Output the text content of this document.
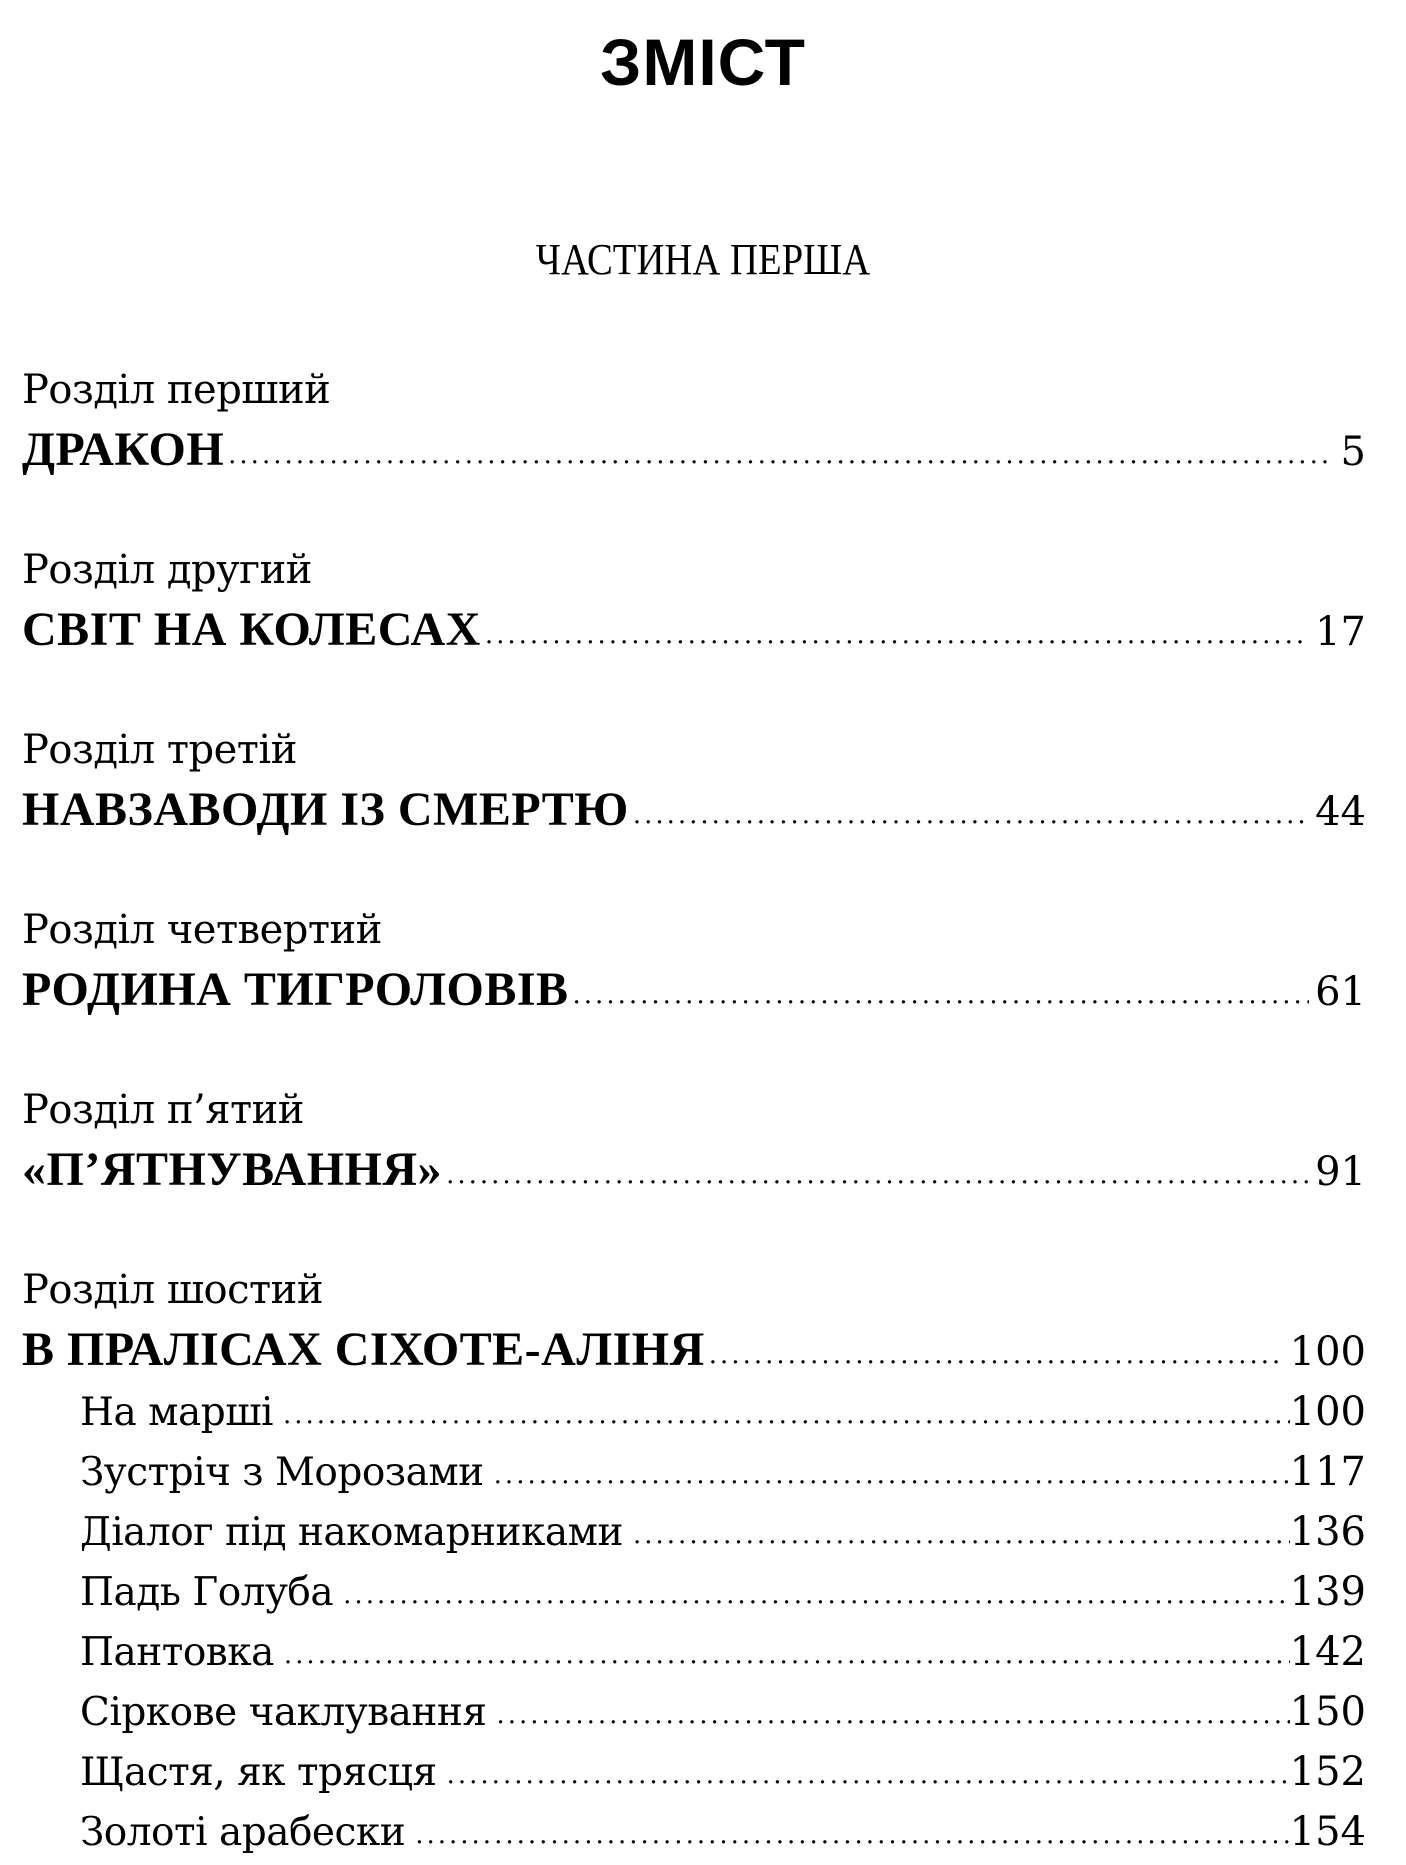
ЗМІСТ
ЧАСТИНА ПЕРША
Розділ перший
ДРАКОН .....	5
Розділ другий
СВІТ НА КОЛЕСАХ .....	17
Розділ третій
НАВЗАВОДИ ІЗ СМЕРТЮ .....	44
Розділ четвертий
РОДИНА ТИГРОЛОВІВ .....	61
Розділ п’ятий
«П’ЯТНУВАННЯ» .....	91
Розділ шостий
В ПРАЛІСАХ СІХОТЕ-АЛІНЯ .....	100
На марші .....	100
Зустріч з Морозами .....	117
Діалог під накомарниками .....	136
Падь Голуба .....	139
Пантовка .....	142
Сіркове чаклування .....	150
Щастя, як трясця .....	152
Золоті арабески .....	154
